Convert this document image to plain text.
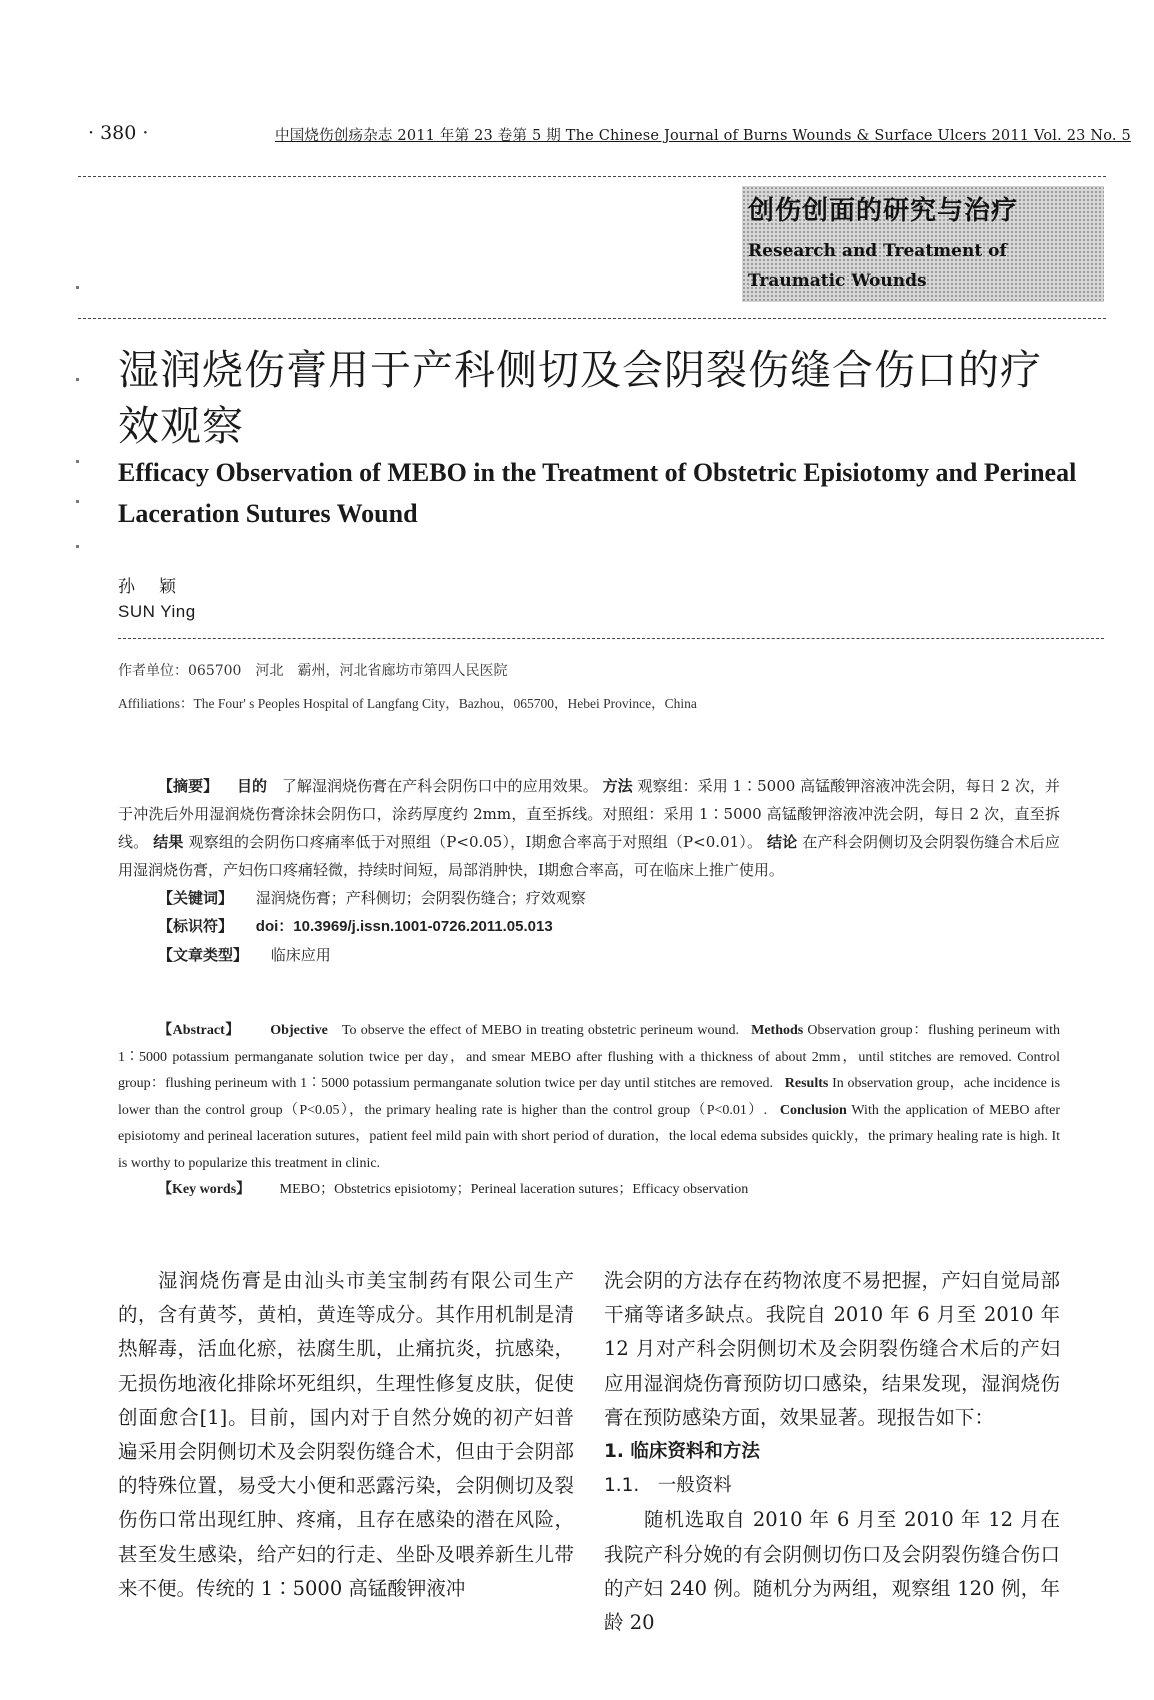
· 380 ·	中国烧伤创疡杂志 2011 年第 23 卷第 5 期 The Chinese Journal of Burns Wounds & Surface Ulcers 2011 Vol. 23 No. 5
创伤创面的研究与治疗
Research and Treatment of Traumatic Wounds
湿润烧伤膏用于产科侧切及会阴裂伤缝合伤口的疗效观察
Efficacy Observation of MEBO in the Treatment of Obstetric Episiotomy and Perineal Laceration Sutures Wound
孙颖
SUN Ying
作者单位：065700　河北　霸州，河北省廊坊市第四人民医院
Affiliations：The Four' s Peoples Hospital of Langfang City，Bazhou，065700，Hebei Province，China

【摘要】 目的 了解湿润烧伤膏在产科会阴伤口中的应用效果。 方法 观察组：采用 1∶5000 高锰酸钾溶液冲洗会阴，每日 2 次，并于冲洗后外用湿润烧伤膏涂抹会阴伤口，涂药厚度约 2mm，直至拆线。对照组：采用 1∶5000 高锰酸钾溶液冲洗会阴，每日 2 次，直至拆线。 结果 观察组的会阴伤口疼痛率低于对照组（P<0.05），Ⅰ期愈合率高于对照组（P<0.01）。 结论 在产科会阴侧切及会阴裂伤缝合术后应用湿润烧伤膏，产妇伤口疼痛轻微，持续时间短，局部消肿快，Ⅰ期愈合率高，可在临床上推广使用。

【关键词】 湿润烧伤膏；产科侧切；会阴裂伤缝合；疗效观察

【标识符】 doi：10.3969/j.issn.1001-0726.2011.05.013

【文章类型】 临床应用

【Abstract】 Objective To observe the effect of MEBO in treating obstetric perineum wound. Methods Observation group：flushing perineum with 1∶5000 potassium permanganate solution twice per day，and smear MEBO after flushing with a thickness of about 2mm，until stitches are removed. Control group：flushing perineum with 1∶5000 potassium permanganate solution twice per day until stitches are removed. Results In observation group，ache incidence is lower than the control group（P<0.05），the primary healing rate is higher than the control group（P<0.01）. Conclusion With the application of MEBO after episiotomy and perineal laceration sutures，patient feel mild pain with short period of duration，the local edema subsides quickly，the primary healing rate is high. It is worthy to popularize this treatment in clinic.

【Key words】 MEBO；Obstetrics episiotomy；Perineal laceration sutures；Efficacy observation

湿润烧伤膏是由汕头市美宝制药有限公司生产的，含有黄芩，黄柏，黄连等成分。其作用机制是清热解毒，活血化瘀，祛腐生肌，止痛抗炎，抗感染，无损伤地液化排除坏死组织，生理性修复皮肤，促使创面愈合[1]。目前，国内对于自然分娩的初产妇普遍采用会阴侧切术及会阴裂伤缝合术，但由于会阴部的特殊位置，易受大小便和恶露污染，会阴侧切及裂伤伤口常出现红肿、疼痛，且存在感染的潜在风险，甚至发生感染，给产妇的行走、坐卧及喂养新生儿带来不便。传统的 1∶5000 高锰酸钾液冲

洗会阴的方法存在药物浓度不易把握，产妇自觉局部干痛等诸多缺点。我院自 2010 年 6 月至 2010 年 12 月对产科会阴侧切术及会阴裂伤缝合术后的产妇应用湿润烧伤膏预防切口感染，结果发现，湿润烧伤膏在预防感染方面，效果显著。现报告如下：

1. 临床资料和方法

1.1.　一般资料

随机选取自 2010 年 6 月至 2010 年 12 月在我院产科分娩的有会阴侧切伤口及会阴裂伤缝合伤口的产妇 240 例。随机分为两组，观察组 120 例，年龄 20
